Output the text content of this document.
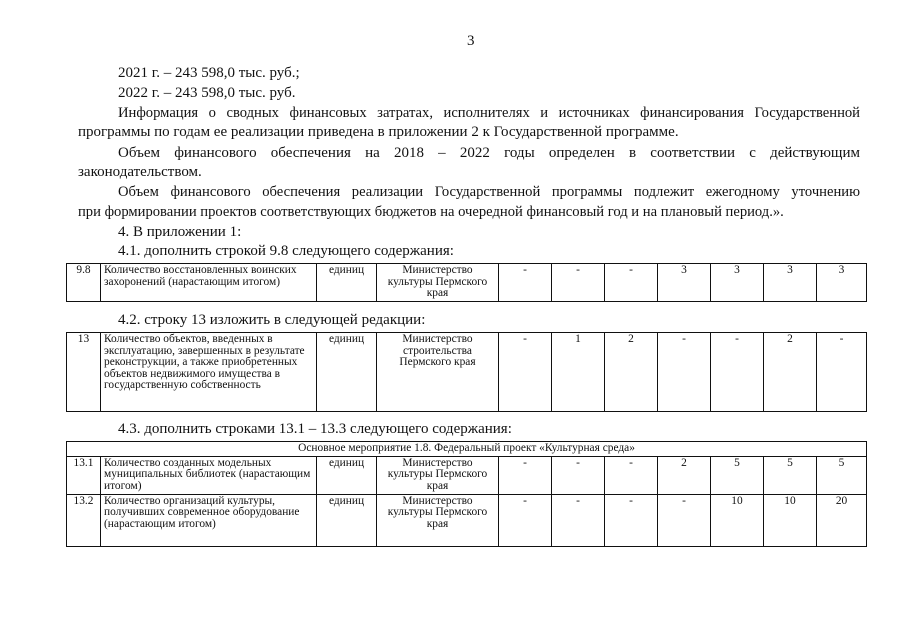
3
2021 г. – 243 598,0 тыс. руб.;
2022 г. – 243 598,0 тыс. руб.
Информация о сводных финансовых затратах, исполнителях и источниках финансирования Государственной
программы по годам ее реализации приведена в приложении 2 к Государственной программе.
Объем финансового обеспечения на 2018 – 2022 годы определен в соответствии с действующим
законодательством.
Объем финансового обеспечения реализации Государственной программы подлежит ежегодному уточнению
при формировании проектов соответствующих бюджетов на очередной финансовый год и на плановый период.».
4. В приложении 1:
4.1. дополнить строкой 9.8 следующего содержания:
9.8	Количество восстановленных воинских захоронений (нарастающим итогом)	единиц	Министерство культуры Пермского края	-	-	-	3	3	3	3
4.2. строку 13 изложить в следующей редакции:
13	Количество объектов, введенных в эксплуатацию, завершенных в результате реконструкции, а также приобретенных объектов недвижимого имущества в государственную собственность	единиц	Министерство строительства Пермского края	-	1	2	-	-	2	-
4.3. дополнить строками 13.1 – 13.3 следующего содержания:
Основное мероприятие 1.8. Федеральный проект «Культурная среда»										
13.1	Количество созданных модельных муниципальных библиотек (нарастающим итогом)	единиц	Министерство культуры Пермского края	-	-	-	2	5	5	5
13.2	Количество организаций культуры, получивших современное оборудование (нарастающим итогом)	единиц	Министерство культуры Пермского края	-	-	-	-	10	10	20
